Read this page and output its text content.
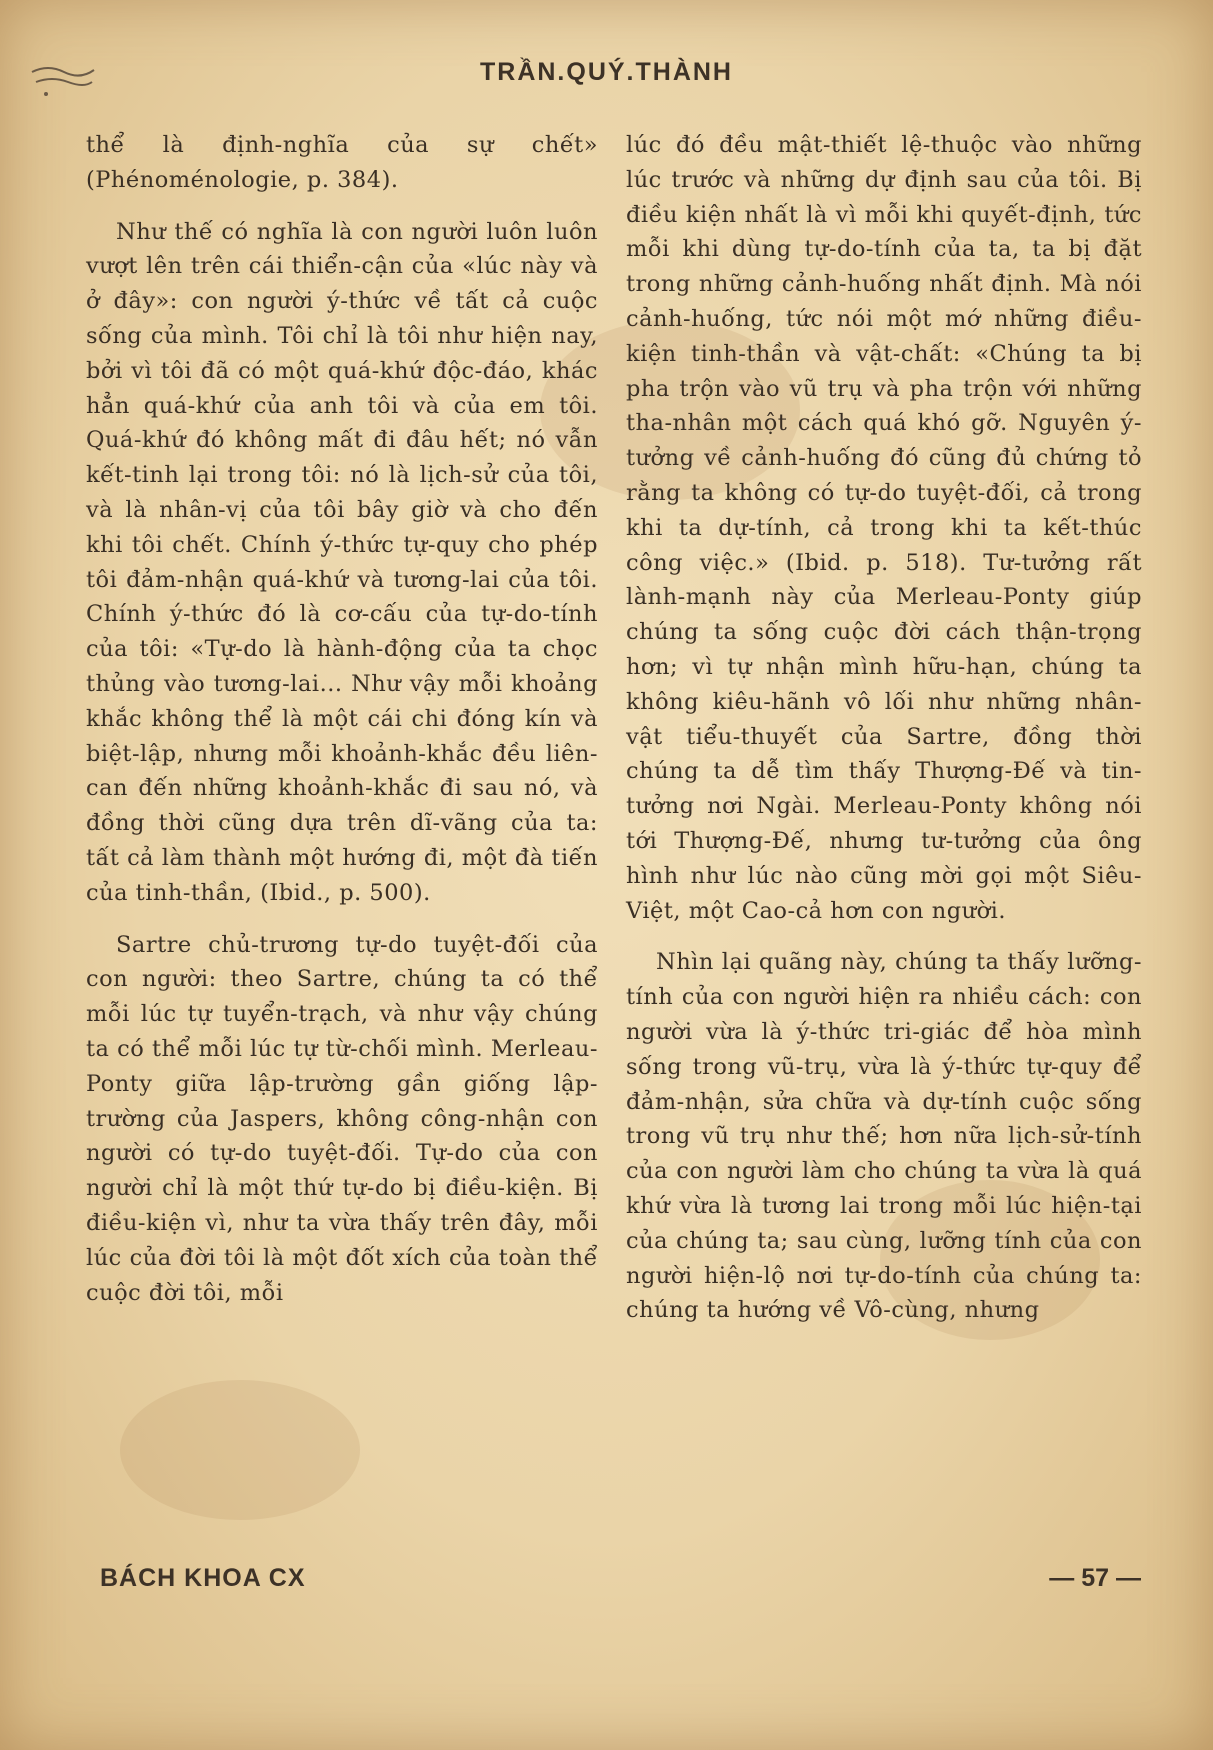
TRẦN.QUÝ.THÀNH

thể là định-nghĩa của sự chết» (Phénoménologie, p. 384).

Như thế có nghĩa là con người luôn luôn vượt lên trên cái thiển-cận của «lúc này và ở đây»: con người ý-thức về tất cả cuộc sống của mình. Tôi chỉ là tôi như hiện nay, bởi vì tôi đã có một quá-khứ độc-đáo, khác hẳn quá-khứ của anh tôi và của em tôi. Quá-khứ đó không mất đi đâu hết; nó vẫn kết-tinh lại trong tôi: nó là lịch-sử của tôi, và là nhân-vị của tôi bây giờ và cho đến khi tôi chết. Chính ý-thức tự-quy cho phép tôi đảm-nhận quá-khứ và tương-lai của tôi. Chính ý-thức đó là cơ-cấu của tự-do-tính của tôi: «Tự-do là hành-động của ta chọc thủng vào tương-lai... Như vậy mỗi khoảng khắc không thể là một cái chi đóng kín và biệt-lập, nhưng mỗi khoảnh-khắc đều liên-can đến những khoảnh-khắc đi sau nó, và đồng thời cũng dựa trên dĩ-vãng của ta: tất cả làm thành một hướng đi, một đà tiến của tinh-thần, (Ibid., p. 500).

Sartre chủ-trương tự-do tuyệt-đối của con người: theo Sartre, chúng ta có thể mỗi lúc tự tuyển-trạch, và như vậy chúng ta có thể mỗi lúc tự từ-chối mình. Merleau-Ponty giữa lập-trường gần giống lập-trường của Jaspers, không công-nhận con người có tự-do tuyệt-đối. Tự-do của con người chỉ là một thứ tự-do bị điều-kiện. Bị điều-kiện vì, như ta vừa thấy trên đây, mỗi lúc của đời tôi là một đốt xích của toàn thể cuộc đời tôi, mỗi

lúc đó đều mật-thiết lệ-thuộc vào những lúc trước và những dự định sau của tôi. Bị điều kiện nhất là vì mỗi khi quyết-định, tức mỗi khi dùng tự-do-tính của ta, ta bị đặt trong những cảnh-huống nhất định. Mà nói cảnh-huống, tức nói một mớ những điều-kiện tinh-thần và vật-chất: «Chúng ta bị pha trộn vào vũ trụ và pha trộn với những tha-nhân một cách quá khó gỡ. Nguyên ý-tưởng về cảnh-huống đó cũng đủ chứng tỏ rằng ta không có tự-do tuyệt-đối, cả trong khi ta dự-tính, cả trong khi ta kết-thúc công việc.» (Ibid. p. 518). Tư-tưởng rất lành-mạnh này của Merleau-Ponty giúp chúng ta sống cuộc đời cách thận-trọng hơn; vì tự nhận mình hữu-hạn, chúng ta không kiêu-hãnh vô lối như những nhân-vật tiểu-thuyết của Sartre, đồng thời chúng ta dễ tìm thấy Thượng-Đế và tin-tưởng nơi Ngài. Merleau-Ponty không nói tới Thượng-Đế, nhưng tư-tưởng của ông hình như lúc nào cũng mời gọi một Siêu-Việt, một Cao-cả hơn con người.

Nhìn lại quãng này, chúng ta thấy lưỡng-tính của con người hiện ra nhiều cách: con người vừa là ý-thức tri-giác để hòa mình sống trong vũ-trụ, vừa là ý-thức tự-quy để đảm-nhận, sửa chữa và dự-tính cuộc sống trong vũ trụ như thế; hơn nữa lịch-sử-tính của con người làm cho chúng ta vừa là quá khứ vừa là tương lai trong mỗi lúc hiện-tại của chúng ta; sau cùng, lưỡng tính của con người hiện-lộ nơi tự-do-tính của chúng ta: chúng ta hướng về Vô-cùng, nhưng

BÁCH KHOA CX	— 57 —
